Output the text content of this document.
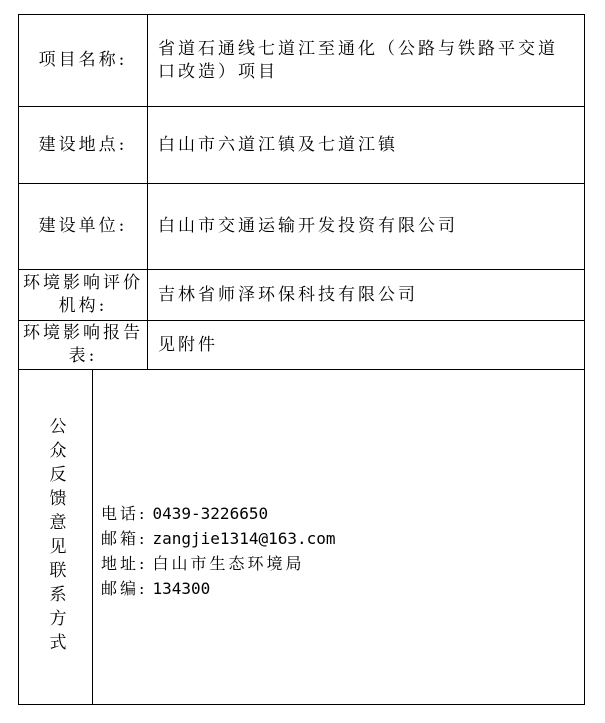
项目名称:
省道石通线七道江至通化（公路与铁路平交道口改造）项目
建设地点:	白山市六道江镇及七道江镇
建设单位:	白山市交通运输开发投资有限公司
环境影响评价机构:
吉林省师泽环保科技有限公司
环境影响报告表:
见附件
公众反馈意见联系方式 电话: 0439-3226650
邮箱: zangjie1314@163.com
地址: 白山市生态环境局
邮编: 134300
